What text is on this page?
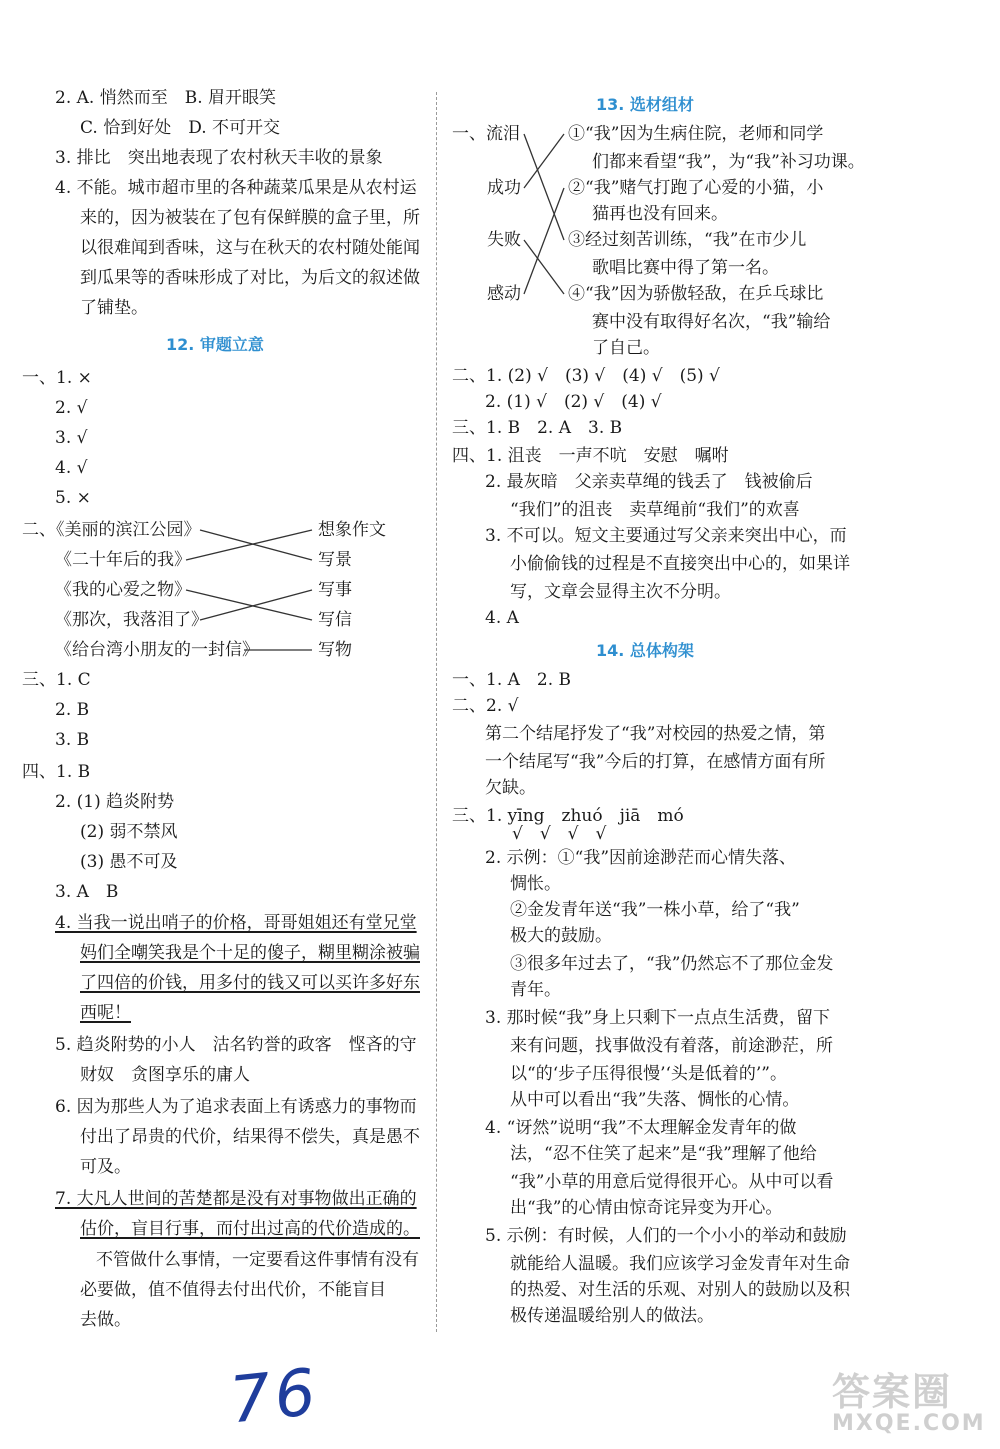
2. A. 悄然而至　B. 眉开眼笑
C. 恰到好处　D. 不可开交
3. 排比　突出地表现了农村秋天丰收的景象
4. 不能。城市超市里的各种蔬菜瓜果是从农村运
来的，因为被装在了包有保鲜膜的盒子里，所
以很难闻到香味，这与在秋天的农村随处能闻
到瓜果等的香味形成了对比，为后文的叙述做
了铺垫。
一、1. ×
2. √
3. √
4. √
5. ×
二、《美丽的滨江公园》
《二十年后的我》
《我的心爱之物》
《那次，我落泪了》
《给台湾小朋友的一封信》
想象作文
写景
写事
写信
写物
三、1. C
2. B
3. B
四、1. B
2. (1) 趋炎附势
(2) 弱不禁风
(3) 愚不可及
3. A　B
4. 当我一说出哨子的价格，哥哥姐姐还有堂兄堂
妈们全嘲笑我是个十足的傻子，糊里糊涂被骗
了四倍的价钱，用多付的钱又可以买许多好东
西呢！
5. 趋炎附势的小人　沽名钓誉的政客　悭吝的守
财奴　贪图享乐的庸人
6. 因为那些人为了追求表面上有诱惑力的事物而
付出了昂贵的代价，结果得不偿失，真是愚不
可及。
7. 大凡人世间的苦楚都是没有对事物做出正确的
估价，盲目行事，而付出过高的代价造成的。
不管做什么事情，一定要看这件事情有没有
必要做，值不值得去付出代价，不能盲目
去做。
一、流泪
成功
失败
感动
①“我”因为生病住院，老师和同学
们都来看望“我”，为“我”补习功课。
②“我”赌气打跑了心爱的小猫，小
猫再也没有回来。
③经过刻苦训练，“我”在市少儿
歌唱比赛中得了第一名。
④“我”因为骄傲轻敌，在乒乓球比
赛中没有取得好名次，“我”输给
了自己。
二、1. (2) √　(3) √　(4) √　(5) √
2. (1) √　(2) √　(4) √
三、1. B　2. A　3. B
四、1. 沮丧　一声不吭　安慰　嘱咐
2. 最灰暗　父亲卖草绳的钱丢了　钱被偷后
“我们”的沮丧　卖草绳前“我们”的欢喜
3. 不可以。短文主要通过写父亲来突出中心，而
小偷偷钱的过程是不直接突出中心的，如果详
写，文章会显得主次不分明。
4. A
一、1. A　2. B
二、2. √
第二个结尾抒发了“我”对校园的热爱之情，第
一个结尾写“我”今后的打算，在感情方面有所
欠缺。
三、1. yīng　zhuó　jiā　mó
√　√　√　√
2. 示例：①“我”因前途渺茫而心情失落、
惆怅。
②金发青年送“我”一株小草，给了“我”
极大的鼓励。
③很多年过去了，“我”仍然忘不了那位金发
青年。
3. 那时候“我”身上只剩下一点点生活费，留下
来有问题，找事做没有着落，前途渺茫，所
以“的‘步子压得很慢’‘头是低着的’”。
从中可以看出“我”失落、惆怅的心情。
4. “讶然”说明“我”不太理解金发青年的做
法，“忍不住笑了起来”是“我”理解了他给
“我”小草的用意后觉得很开心。从中可以看
出“我”的心情由惊奇诧异变为开心。
5. 示例：有时候，人们的一个小小的举动和鼓励
就能给人温暖。我们应该学习金发青年对生命
的热爱、对生活的乐观、对别人的鼓励以及积
极传递温暖给别人的做法。
12. 审题立意
13. 选材组材
14. 总体构架
76	答案圈
MXQE.COM
